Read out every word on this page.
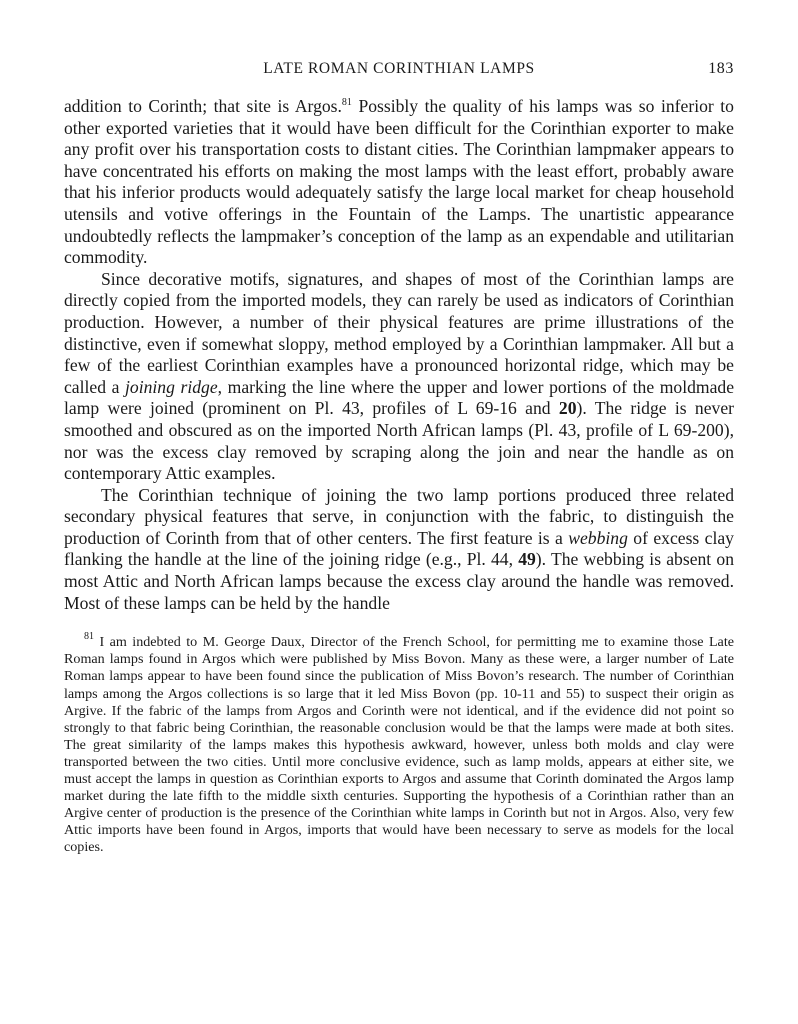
LATE ROMAN CORINTHIAN LAMPS	183

addition to Corinth; that site is Argos.$^{81}$ Possibly the quality of his lamps was so inferior to other exported varieties that it would have been difficult for the Corinthian exporter to make any profit over his transportation costs to distant cities. The Corinthian lampmaker appears to have concentrated his efforts on making the most lamps with the least effort, probably aware that his inferior products would adequately satisfy the large local market for cheap household utensils and votive offerings in the Fountain of the Lamps. The unartistic appearance undoubtedly reflects the lampmaker’s conception of the lamp as an expendable and utilitarian commodity.

Since decorative motifs, signatures, and shapes of most of the Corinthian lamps are directly copied from the imported models, they can rarely be used as indicators of Corinthian production. However, a number of their physical features are prime illustrations of the distinctive, even if somewhat sloppy, method employed by a Corinthian lampmaker. All but a few of the earliest Corinthian examples have a pronounced horizontal ridge, which may be called a joining ridge, marking the line where the upper and lower portions of the moldmade lamp were joined (prominent on Pl. 43, profiles of L 69-16 and 20). The ridge is never smoothed and obscured as on the imported North African lamps (Pl. 43, profile of L 69-200), nor was the excess clay removed by scraping along the join and near the handle as on contemporary Attic examples.

The Corinthian technique of joining the two lamp portions produced three related secondary physical features that serve, in conjunction with the fabric, to distinguish the production of Corinth from that of other centers. The first feature is a webbing of excess clay flanking the handle at the line of the joining ridge (e.g., Pl. 44, 49). The webbing is absent on most Attic and North African lamps because the excess clay around the handle was removed. Most of these lamps can be held by the handle

$^{81}$ I am indebted to M. George Daux, Director of the French School, for permitting me to examine those Late Roman lamps found in Argos which were published by Miss Bovon. Many as these were, a larger number of Late Roman lamps appear to have been found since the publication of Miss Bovon’s research. The number of Corinthian lamps among the Argos collections is so large that it led Miss Bovon (pp. 10-11 and 55) to suspect their origin as Argive. If the fabric of the lamps from Argos and Corinth were not identical, and if the evidence did not point so strongly to that fabric being Corinthian, the reasonable conclusion would be that the lamps were made at both sites. The great similarity of the lamps makes this hypothesis awkward, however, unless both molds and clay were transported between the two cities. Until more conclusive evidence, such as lamp molds, appears at either site, we must accept the lamps in question as Corinthian exports to Argos and assume that Corinth dominated the Argos lamp market during the late fifth to the middle sixth centuries. Supporting the hypothesis of a Corinthian rather than an Argive center of production is the presence of the Corinthian white lamps in Corinth but not in Argos. Also, very few Attic imports have been found in Argos, imports that would have been necessary to serve as models for the local copies.
